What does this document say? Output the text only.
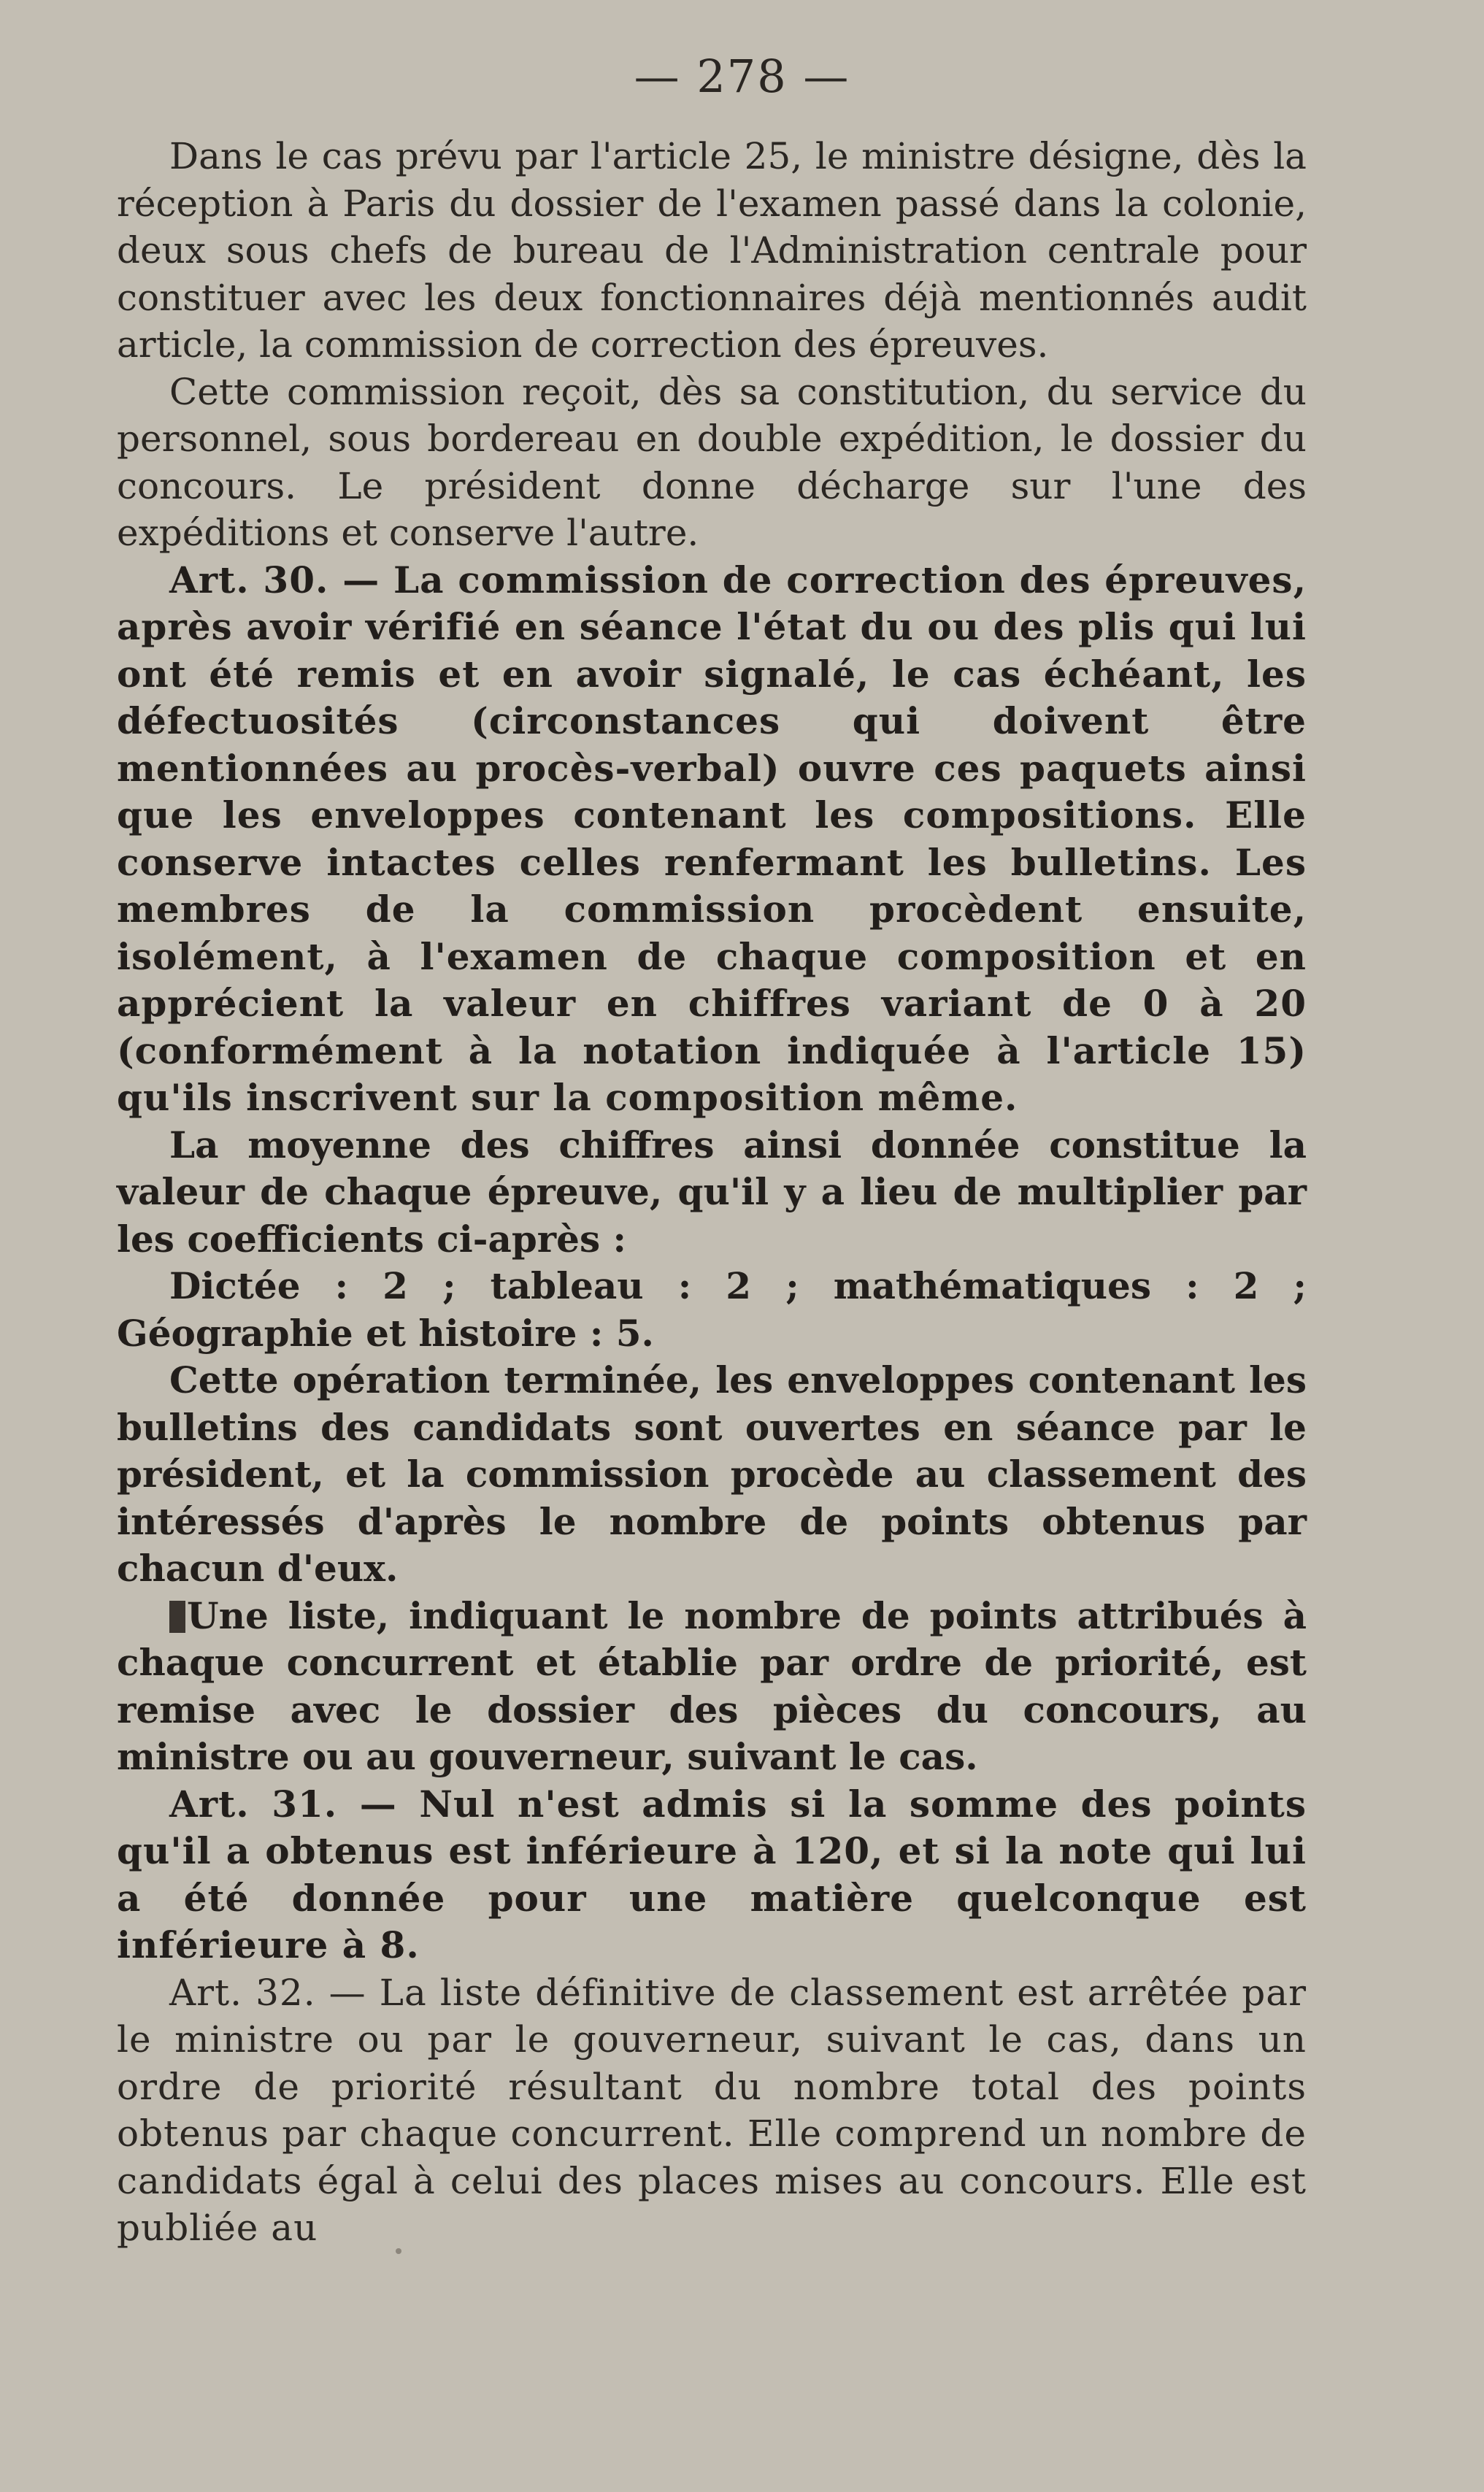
— 278 —

Dans le cas prévu par l'article 25, le ministre désigne, dès la réception à Paris du dossier de l'examen passé dans la colonie, deux sous chefs de bureau de l'Administration centrale pour constituer avec les deux fonctionnaires déjà mentionnés audit article, la commission de correction des épreuves.

Cette commission reçoit, dès sa constitution, du service du personnel, sous bordereau en double expédition, le dossier du concours. Le président donne décharge sur l'une des expéditions et conserve l'autre.

Art. 30. — La commission de correction des épreuves, après avoir vérifié en séance l'état du ou des plis qui lui ont été remis et en avoir signalé, le cas échéant, les défectuosités (circonstances qui doivent être mentionnées au procès-verbal) ouvre ces paquets ainsi que les enveloppes contenant les compositions. Elle conserve intactes celles renfermant les bulletins. Les membres de la commission procèdent ensuite, isolément, à l'examen de chaque composition et en apprécient la valeur en chiffres variant de 0 à 20 (conformément à la notation indiquée à l'article 15) qu'ils inscrivent sur la composition même.

La moyenne des chiffres ainsi donnée constitue la valeur de chaque épreuve, qu'il y a lieu de multiplier par les coefficients ci-après :

Dictée : 2 ; tableau : 2 ; mathématiques : 2 ; Géographie et histoire : 5.

Cette opération terminée, les enveloppes contenant les bulletins des candidats sont ouvertes en séance par le président, et la commission procède au classement des intéressés d'après le nombre de points obtenus par chacun d'eux.

Une liste, indiquant le nombre de points attribués à chaque concurrent et établie par ordre de priorité, est remise avec le dossier des pièces du concours, au ministre ou au gouverneur, suivant le cas.

Art. 31. — Nul n'est admis si la somme des points qu'il a obtenus est inférieure à 120, et si la note qui lui a été donnée pour une matière quelconque est inférieure à 8.

Art. 32. — La liste définitive de classement est arrêtée par le ministre ou par le gouverneur, suivant le cas, dans un ordre de priorité résultant du nombre total des points obtenus par chaque concurrent. Elle comprend un nombre de candidats égal à celui des places mises au concours. Elle est publiée au
